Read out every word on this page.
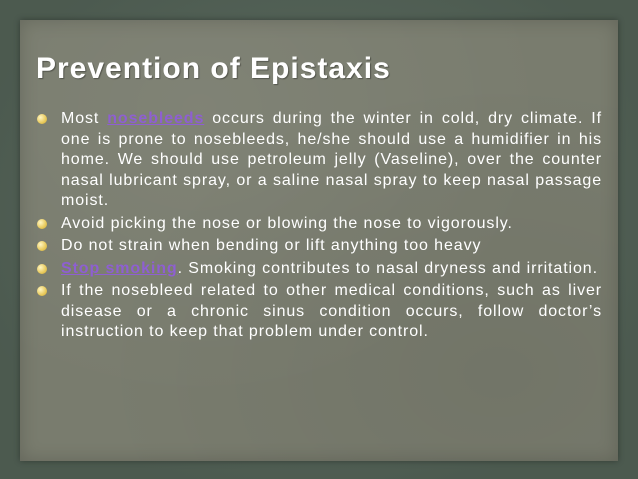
Prevention of Epistaxis
Most nosebleeds occurs during the winter in cold, dry climate. If one is prone to nosebleeds, he/she should use a humidifier in his home. We should use petroleum jelly (Vaseline), over the counter nasal lubricant spray, or a saline nasal spray to keep nasal passage moist.
Avoid picking the nose or blowing the nose to vigorously.
Do not strain when bending or lift anything too heavy
Stop smoking. Smoking contributes to nasal dryness and irritation.
If the nosebleed related to other medical conditions, such as liver disease or a chronic sinus condition occurs, follow doctor’s instruction to keep that problem under control.
